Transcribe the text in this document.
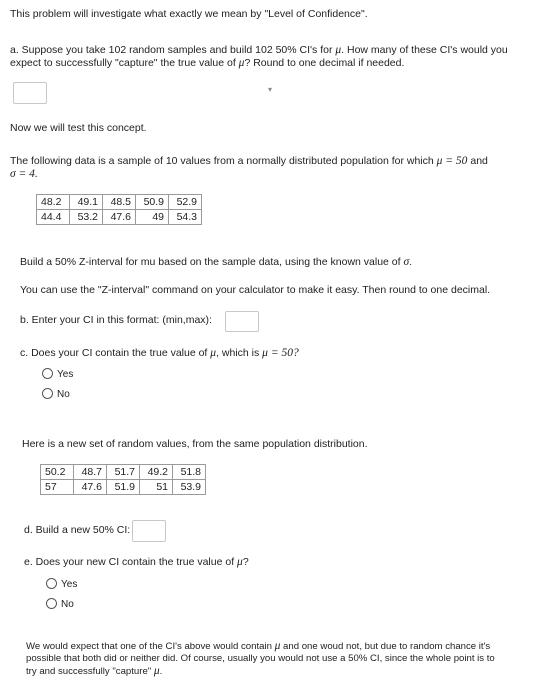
This problem will investigate what exactly we mean by "Level of Confidence".
a. Suppose you take 102 random samples and build 102 50% CI's for μ. How many of these CI's would you
expect to successfully "capture" the true value of μ? Round to one decimal if needed.
▾
Now we will test this concept.
The following data is a sample of 10 values from a normally distributed population for which μ = 50 and
σ = 4.
48.2	49.1	48.5	50.9	52.9
44.4	53.2	47.6	49	54.3
Build a 50% Z-interval for mu based on the sample data, using the known value of σ.
You can use the "Z-interval" command on your calculator to make it easy. Then round to one decimal.
b. Enter your CI in this format: (min,max):
c. Does your CI contain the true value of μ, which is μ = 50?
Yes
No
Here is a new set of random values, from the same population distribution.
50.2	48.7	51.7	49.2	51.8
57	47.6	51.9	51	53.9
d. Build a new 50% CI:
e. Does your new CI contain the true value of μ?
Yes
No
We would expect that one of the CI's above would contain μ and one woud not, but due to random chance it's
possible that both did or neither did. Of course, usually you would not use a 50% CI, since the whole point is to
try and successfully "capture" μ.
